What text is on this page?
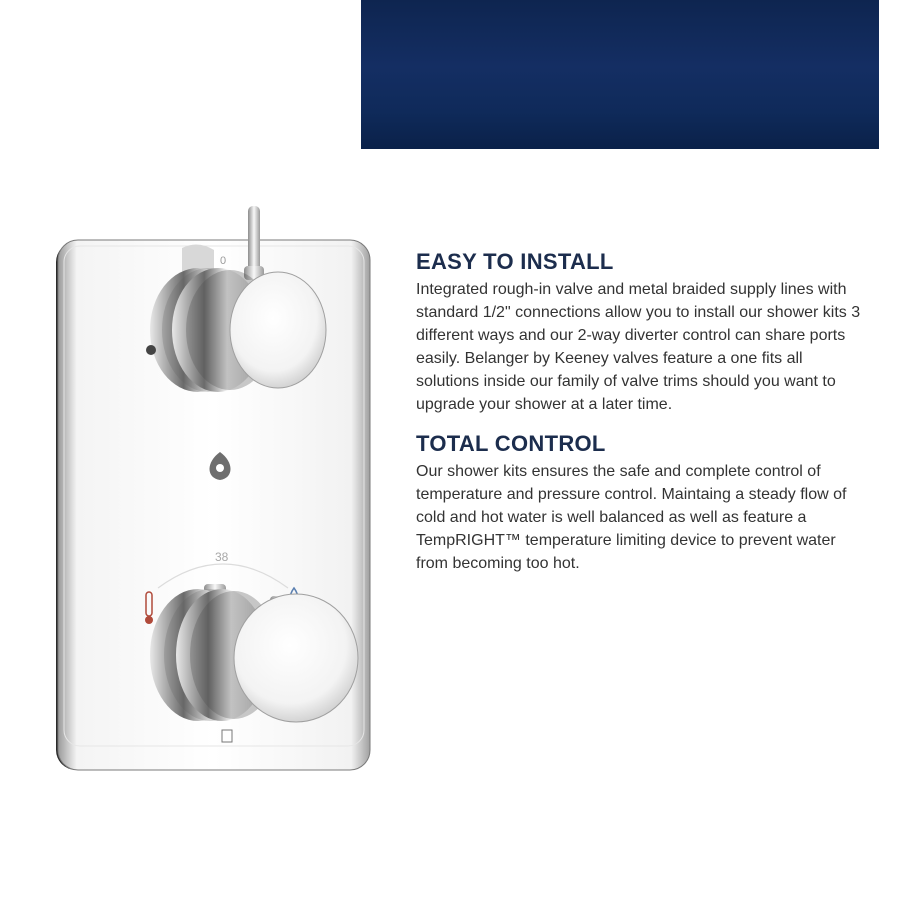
0
38
EASY TO INSTALL

Integrated rough-in valve and metal braided supply lines with standard 1/2" connections allow you to install our shower kits 3 different ways and our 2-way diverter control can share ports easily. Belanger by Keeney valves feature a one fits all solutions inside our family of valve trims should you want to upgrade your shower at a later time.

TOTAL CONTROL

Our shower kits ensures the safe and complete control of temperature and pressure control. Maintaing a steady flow of cold and hot water is well balanced as well as feature a TempRIGHT™ temperature limiting device to prevent water from becoming too hot.
